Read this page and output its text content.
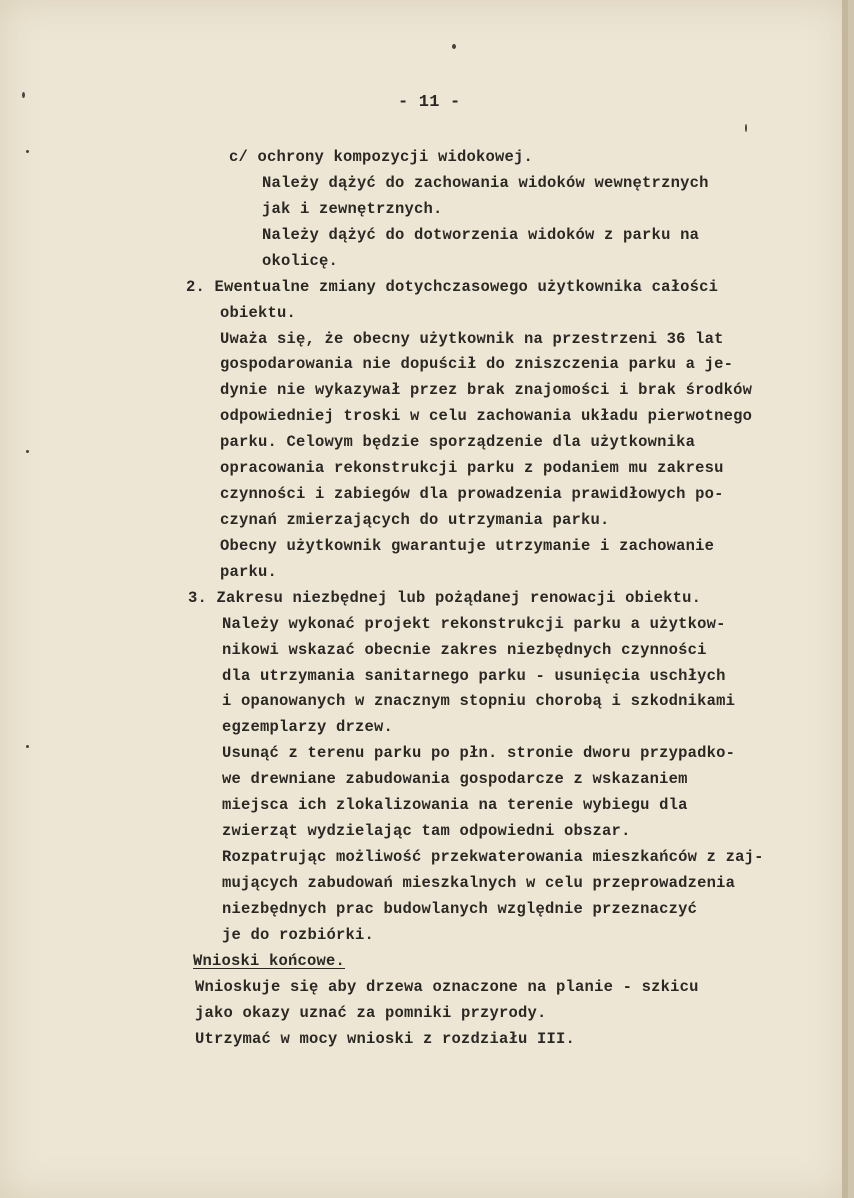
- 11 -
c/ ochrony kompozycji widokowej.
Należy dążyć do zachowania widoków wewnętrznych
jak i zewnętrznych.
Należy dążyć do dotworzenia widoków z parku na
okolicę.
2. Ewentualne zmiany dotychczasowego użytkownika całości
obiektu.
Uważa się, że obecny użytkownik na przestrzeni 36 lat
gospodarowania nie dopuścił do zniszczenia parku a je-
dynie nie wykazywał przez brak znajomości i brak środków
odpowiedniej troski w celu zachowania układu pierwotnego
parku. Celowym będzie sporządzenie dla użytkownika
opracowania rekonstrukcji parku z podaniem mu zakresu
czynności i zabiegów dla prowadzenia prawidłowych po-
czynań zmierzających do utrzymania parku.
Obecny użytkownik gwarantuje utrzymanie i zachowanie
parku.
3. Zakresu niezbędnej lub pożądanej renowacji obiektu.
Należy wykonać projekt rekonstrukcji parku a użytkow-
nikowi wskazać obecnie zakres niezbędnych czynności
dla utrzymania sanitarnego parku - usunięcia uschłych
i opanowanych w znacznym stopniu chorobą i szkodnikami
egzemplarzy drzew.
Usunąć z terenu parku po płn. stronie dworu przypadko-
we drewniane zabudowania gospodarcze z wskazaniem
miejsca ich zlokalizowania na terenie wybiegu dla
zwierząt wydzielając tam odpowiedni obszar.
Rozpatrując możliwość przekwaterowania mieszkańców z zaj-
mujących zabudowań mieszkalnych w celu przeprowadzenia
niezbędnych prac budowlanych względnie przeznaczyć
je do rozbiórki.
Wnioski końcowe.
Wnioskuje się aby drzewa oznaczone na planie - szkicu
jako okazy uznać za pomniki przyrody.
Utrzymać w mocy wnioski z rozdziału III.
